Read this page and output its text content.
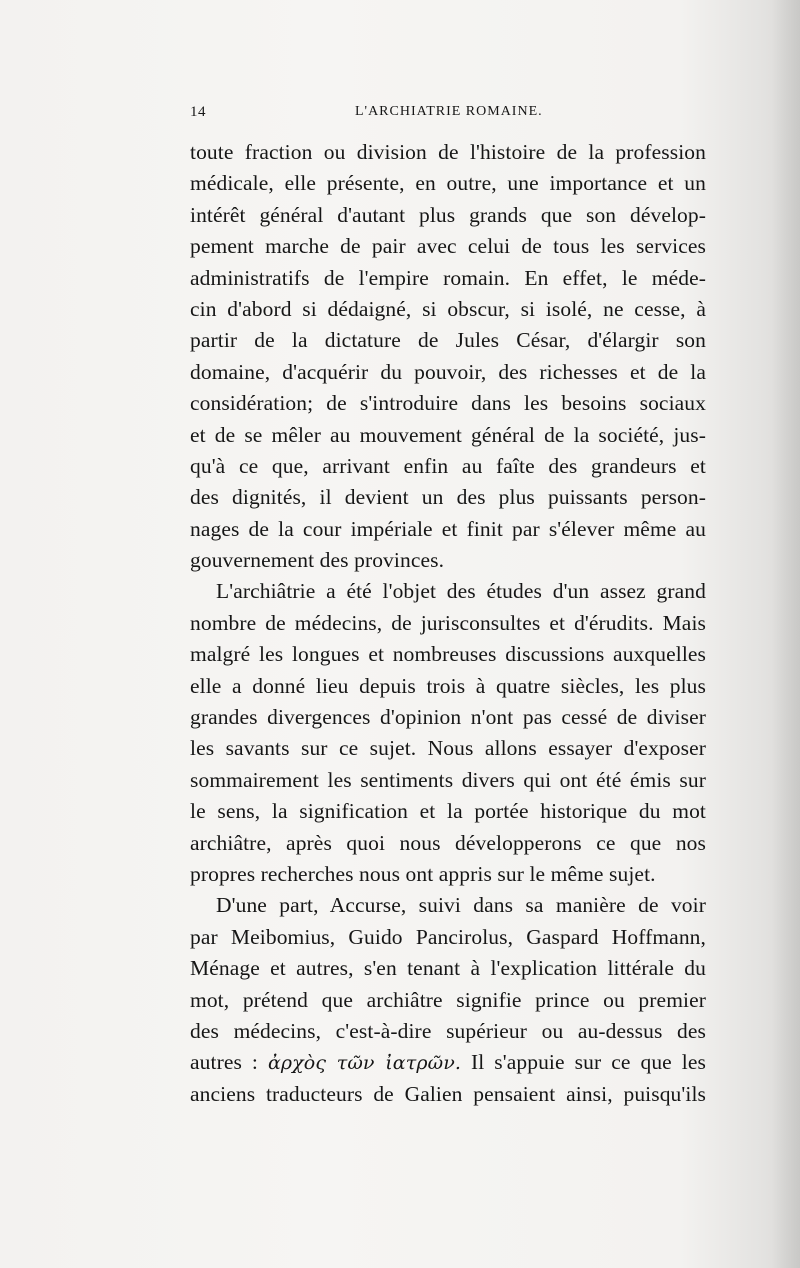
14	L'ARCHIATRIE ROMAINE.
toute fraction ou division de l'histoire de la profession
médicale, elle présente, en outre, une importance et un
intérêt général d'autant plus grands que son dévelop-
pement marche de pair avec celui de tous les services
administratifs de l'empire romain. En effet, le méde-
cin d'abord si dédaigné, si obscur, si isolé, ne cesse, à
partir de la dictature de Jules César, d'élargir son
domaine, d'acquérir du pouvoir, des richesses et de la
considération; de s'introduire dans les besoins sociaux
et de se mêler au mouvement général de la société, jus-
qu'à ce que, arrivant enfin au faîte des grandeurs et
des dignités, il devient un des plus puissants person-
nages de la cour impériale et finit par s'élever même au
gouvernement des provinces.
L'archiâtrie a été l'objet des études d'un assez grand
nombre de médecins, de jurisconsultes et d'érudits. Mais
malgré les longues et nombreuses discussions auxquelles
elle a donné lieu depuis trois à quatre siècles, les plus
grandes divergences d'opinion n'ont pas cessé de diviser
les savants sur ce sujet. Nous allons essayer d'exposer
sommairement les sentiments divers qui ont été émis sur
le sens, la signification et la portée historique du mot
archiâtre, après quoi nous développerons ce que nos
propres recherches nous ont appris sur le même sujet.
D'une part, Accurse, suivi dans sa manière de voir
par Meibomius, Guido Pancirolus, Gaspard Hoffmann,
Ménage et autres, s'en tenant à l'explication littérale du
mot, prétend que archiâtre signifie prince ou premier
des médecins, c'est-à-dire supérieur ou au-dessus des
autres : ἀρχὸς τῶν ἰατρῶν. Il s'appuie sur ce que les
anciens traducteurs de Galien pensaient ainsi, puisqu'ils
